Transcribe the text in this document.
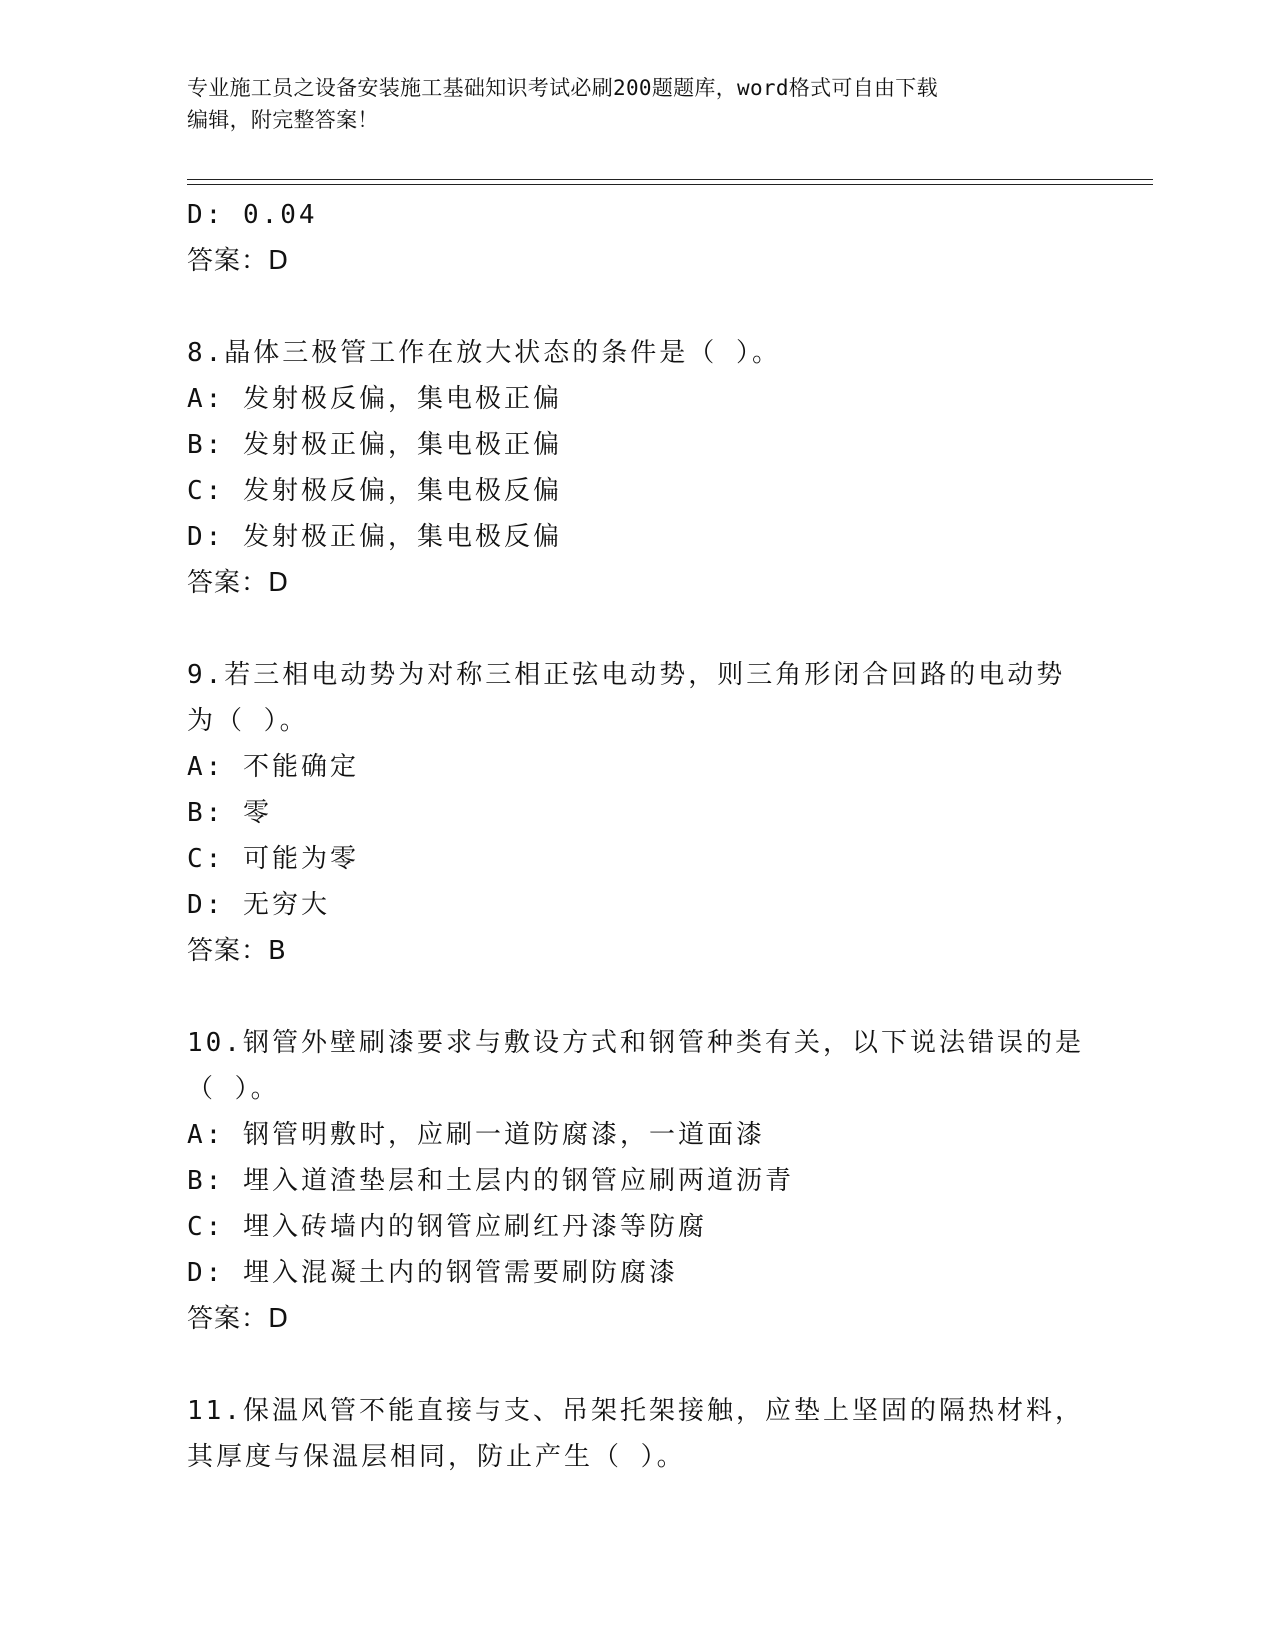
专业施工员之设备安装施工基础知识考试必刷200题题库，word格式可自由下载
编辑，附完整答案！
D: 0.04
答案：D
8.晶体三极管工作在放大状态的条件是（ ）。
A: 发射极反偏，集电极正偏
B: 发射极正偏，集电极正偏
C: 发射极反偏，集电极反偏
D: 发射极正偏，集电极反偏
答案：D
9.若三相电动势为对称三相正弦电动势，则三角形闭合回路的电动势
为（ ）。
A: 不能确定
B: 零
C: 可能为零
D: 无穷大
答案：B
10.钢管外壁刷漆要求与敷设方式和钢管种类有关，以下说法错误的是
（ ）。
A: 钢管明敷时，应刷一道防腐漆，一道面漆
B: 埋入道渣垫层和土层内的钢管应刷两道沥青
C: 埋入砖墙内的钢管应刷红丹漆等防腐
D: 埋入混凝土内的钢管需要刷防腐漆
答案：D
11.保温风管不能直接与支、吊架托架接触，应垫上坚固的隔热材料，
其厚度与保温层相同，防止产生（ ）。
